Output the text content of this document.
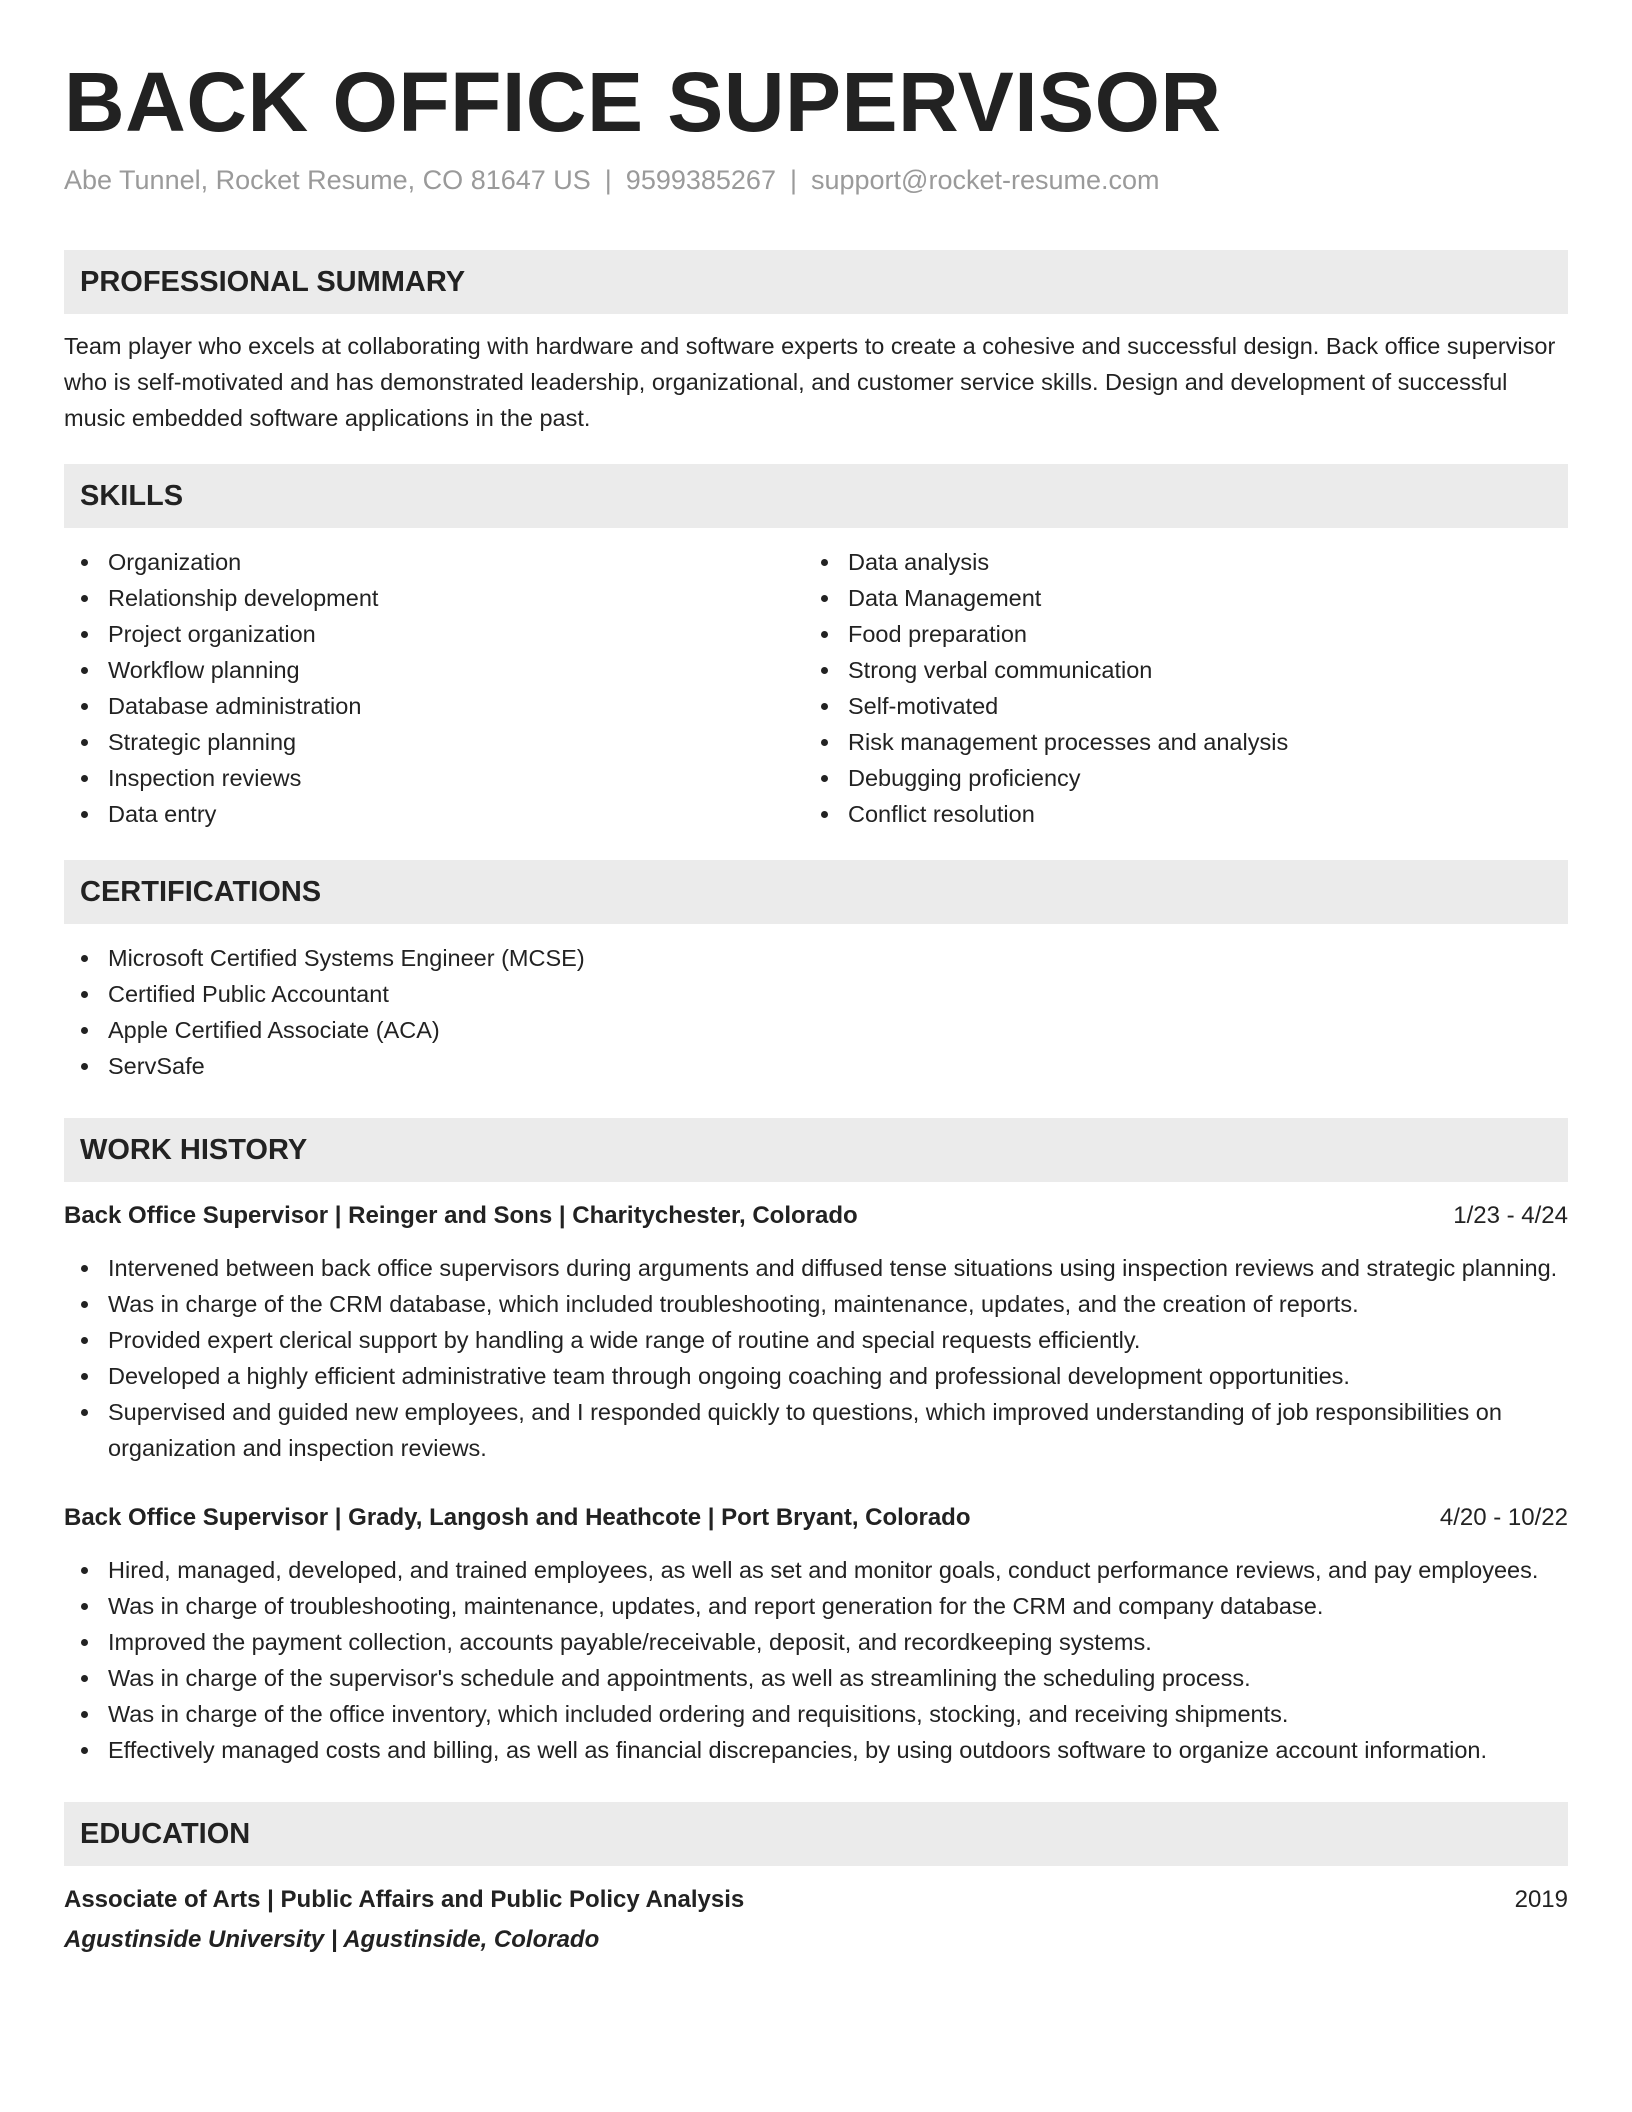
BACK OFFICE SUPERVISOR
Abe Tunnel, Rocket Resume, CO 81647 US | 9599385267 | support@rocket-resume.com
PROFESSIONAL SUMMARY
Team player who excels at collaborating with hardware and software experts to create a cohesive and successful design. Back office supervisor who is self-motivated and has demonstrated leadership, organizational, and customer service skills. Design and development of successful music embedded software applications in the past.
SKILLS
Organization
Relationship development
Project organization
Workflow planning
Database administration
Strategic planning
Inspection reviews
Data entry
Data analysis
Data Management
Food preparation
Strong verbal communication
Self-motivated
Risk management processes and analysis
Debugging proficiency
Conflict resolution
CERTIFICATIONS
Microsoft Certified Systems Engineer (MCSE)
Certified Public Accountant
Apple Certified Associate (ACA)
ServSafe
WORK HISTORY
Back Office Supervisor | Reinger and Sons | Charitychester, Colorado	1/23 - 4/24
Intervened between back office supervisors during arguments and diffused tense situations using inspection reviews and strategic planning.
Was in charge of the CRM database, which included troubleshooting, maintenance, updates, and the creation of reports.
Provided expert clerical support by handling a wide range of routine and special requests efficiently.
Developed a highly efficient administrative team through ongoing coaching and professional development opportunities.
Supervised and guided new employees, and I responded quickly to questions, which improved understanding of job responsibilities on organization and inspection reviews.
Back Office Supervisor | Grady, Langosh and Heathcote | Port Bryant, Colorado	4/20 - 10/22
Hired, managed, developed, and trained employees, as well as set and monitor goals, conduct performance reviews, and pay employees.
Was in charge of troubleshooting, maintenance, updates, and report generation for the CRM and company database.
Improved the payment collection, accounts payable/receivable, deposit, and recordkeeping systems.
Was in charge of the supervisor's schedule and appointments, as well as streamlining the scheduling process.
Was in charge of the office inventory, which included ordering and requisitions, stocking, and receiving shipments.
Effectively managed costs and billing, as well as financial discrepancies, by using outdoors software to organize account information.
EDUCATION
Associate of Arts | Public Affairs and Public Policy Analysis	2019
Agustinside University | Agustinside, Colorado
